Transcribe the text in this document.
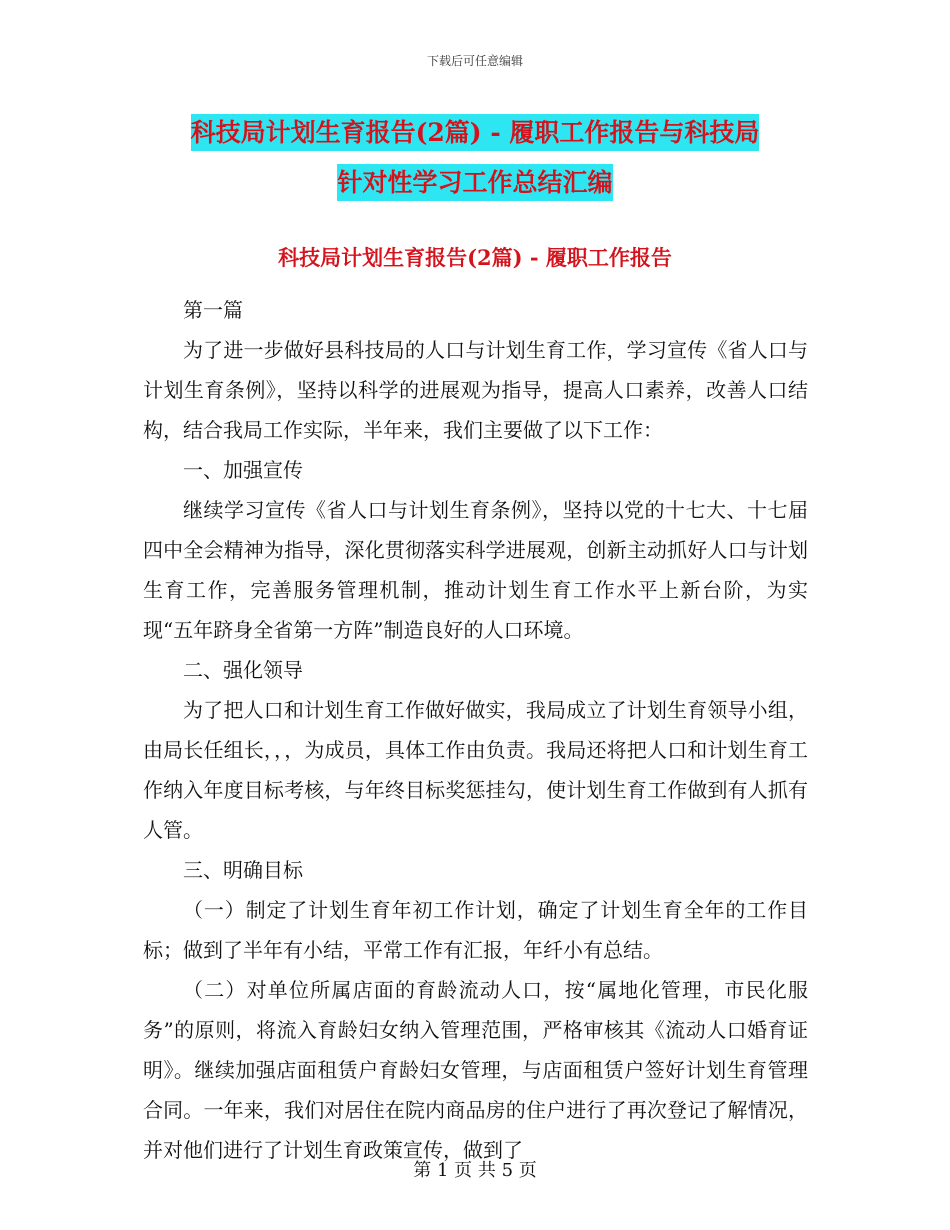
下载后可任意编辑
科技局计划生育报告(2篇) - 履职工作报告与科技局
针对性学习工作总结汇编
科技局计划生育报告(2篇) - 履职工作报告

第一篇

为了进一步做好县科技局的人口与计划生育工作，学习宣传《省人口与计划生育条例》，坚持以科学的进展观为指导，提高人口素养，改善人口结构，结合我局工作实际，半年来，我们主要做了以下工作：

一、加强宣传

继续学习宣传《省人口与计划生育条例》，坚持以党的十七大、十七届四中全会精神为指导，深化贯彻落实科学进展观，创新主动抓好人口与计划生育工作，完善服务管理机制，推动计划生育工作水平上新台阶，为实现“五年跻身全省第一方阵”制造良好的人口环境。

二、强化领导

为了把人口和计划生育工作做好做实，我局成立了计划生育领导小组，由局长任组长，，，为成员，具体工作由负责。我局还将把人口和计划生育工作纳入年度目标考核，与年终目标奖惩挂勾，使计划生育工作做到有人抓有人管。

三、明确目标

（一）制定了计划生育年初工作计划，确定了计划生育全年的工作目标；做到了半年有小结，平常工作有汇报，年纤小有总结。

（二）对单位所属店面的育龄流动人口，按“属地化管理，市民化服务”的原则，将流入育龄妇女纳入管理范围，严格审核其《流动人口婚育证明》。继续加强店面租赁户育龄妇女管理，与店面租赁户签好计划生育管理合同。一年来，我们对居住在院内商品房的住户进行了再次登记了解情况，并对他们进行了计划生育政策宣传，做到了

第 1 页 共 5 页
